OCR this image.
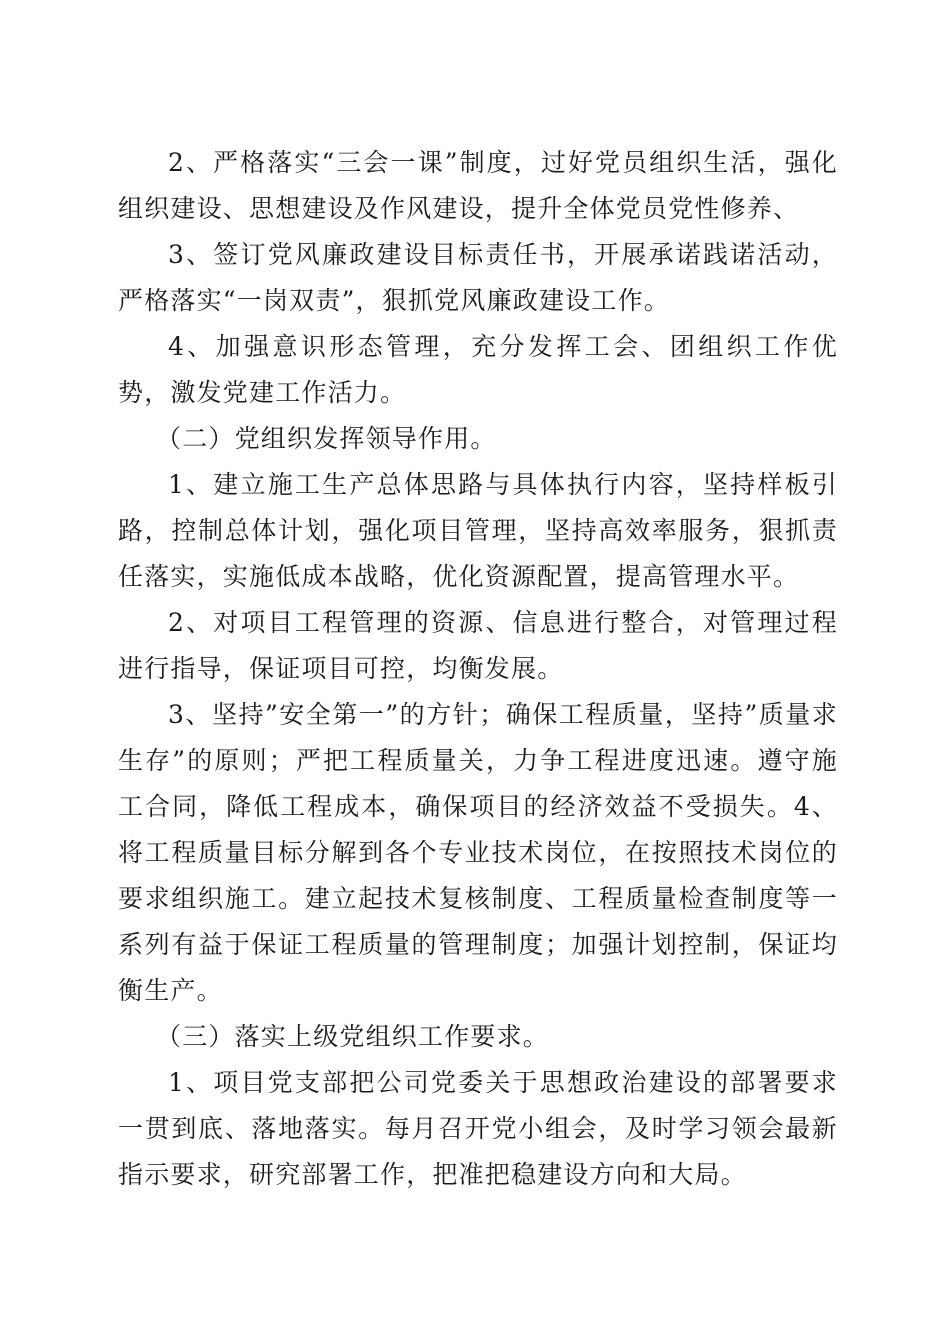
2、严格落实“三会一课”制度，过好党员组织生活，强化组织建设、思想建设及作风建设，提升全体党员党性修养、

3、签订党风廉政建设目标责任书，开展承诺践诺活动，严格落实“一岗双责”，狠抓党风廉政建设工作。

4、加强意识形态管理，充分发挥工会、团组织工作优势，激发党建工作活力。

（二）党组织发挥领导作用。

1、建立施工生产总体思路与具体执行内容，坚持样板引路，控制总体计划，强化项目管理，坚持高效率服务，狠抓责任落实，实施低成本战略，优化资源配置，提高管理水平。

2、对项目工程管理的资源、信息进行整合，对管理过程进行指导，保证项目可控，均衡发展。

3、坚持”安全第一”的方针；确保工程质量，坚持”质量求生存”的原则；严把工程质量关，力争工程进度迅速。遵守施工合同，降低工程成本，确保项目的经济效益不受损失。4、将工程质量目标分解到各个专业技术岗位，在按照技术岗位的要求组织施工。建立起技术复核制度、工程质量检查制度等一系列有益于保证工程质量的管理制度；加强计划控制，保证均衡生产。

（三）落实上级党组织工作要求。

1、项目党支部把公司党委关于思想政治建设的部署要求一贯到底、落地落实。每月召开党小组会，及时学习领会最新指示要求，研究部署工作，把准把稳建设方向和大局。
